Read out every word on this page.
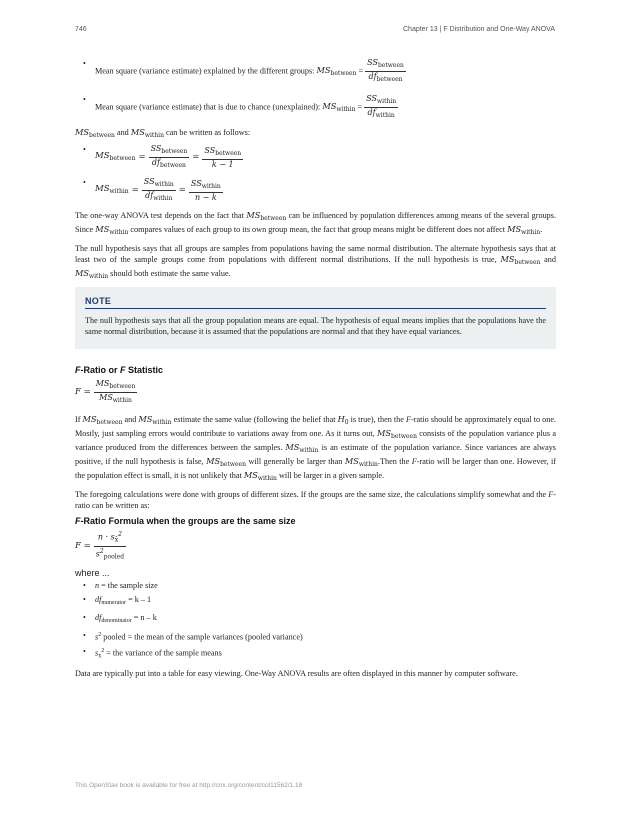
746	Chapter 13 | F Distribution and One-Way ANOVA
• Mean square (variance estimate) explained by the different groups: $MS_{between} = \frac{SS_{between}}{df_{between}}$
• Mean square (variance estimate) that is due to chance (unexplained): $MS_{within} = \frac{SS_{within}}{df_{within}}$

$MS_{between}$ and $MS_{within}$ can be written as follows:

• $MS_{between} = \frac{SS_{between}}{df_{between}} = \frac{SS_{between}}{k - 1}$
• $MS_{within} = \frac{SS_{within}}{df_{within}} = \frac{SS_{within}}{n - k}$

The one-way ANOVA test depends on the fact that $MS_{between}$ can be influenced by population differences among means of the several groups. Since $MS_{within}$ compares values of each group to its own group mean, the fact that group means might be different does not affect $MS_{within}$.

The null hypothesis says that all groups are samples from populations having the same normal distribution. The alternate hypothesis says that at least two of the sample groups come from populations with different normal distributions. If the null hypothesis is true, $MS_{between}$ and $MS_{within}$ should both estimate the same value.

NOTE

The null hypothesis says that all the group population means are equal. The hypothesis of equal means implies that the populations have the same normal distribution, because it is assumed that the populations are normal and that they have equal variances.

F-Ratio or F Statistic
$F = \frac{MS_{between}}{MS_{within}}$

If $MS_{between}$ and $MS_{within}$ estimate the same value (following the belief that $H_0$ is true), then the F-ratio should be approximately equal to one. Mostly, just sampling errors would contribute to variations away from one. As it turns out, $MS_{between}$ consists of the population variance plus a variance produced from the differences between the samples. $MS_{within}$ is an estimate of the population variance. Since variances are always positive, if the null hypothesis is false, $MS_{between}$ will generally be larger than $MS_{within}.Then$ the F-ratio will be larger than one. However, if the population effect is small, it is not unlikely that $MS_{within}$ will be larger in a given sample.

The foregoing calculations were done with groups of different sizes. If the groups are the same size, the calculations simplify somewhat and the F-ratio can be written as:

F-Ratio Formula when the groups are the same size
$F = \frac{n \cdot s_{x̄}^2}{s^2_{pooled}}$
where ...
• n = the sample size
• $df_{numerator} = k - 1$
• $df_{denominator} = n - k$
• $s^2$ pooled = the mean of the sample variances (pooled variance)
• $s_{x̄}^2$ = the variance of the sample means

Data are typically put into a table for easy viewing. One-Way ANOVA results are often displayed in this manner by computer software.

This OpenStax book is available for free at http://cnx.org/content/col11562/1.18
